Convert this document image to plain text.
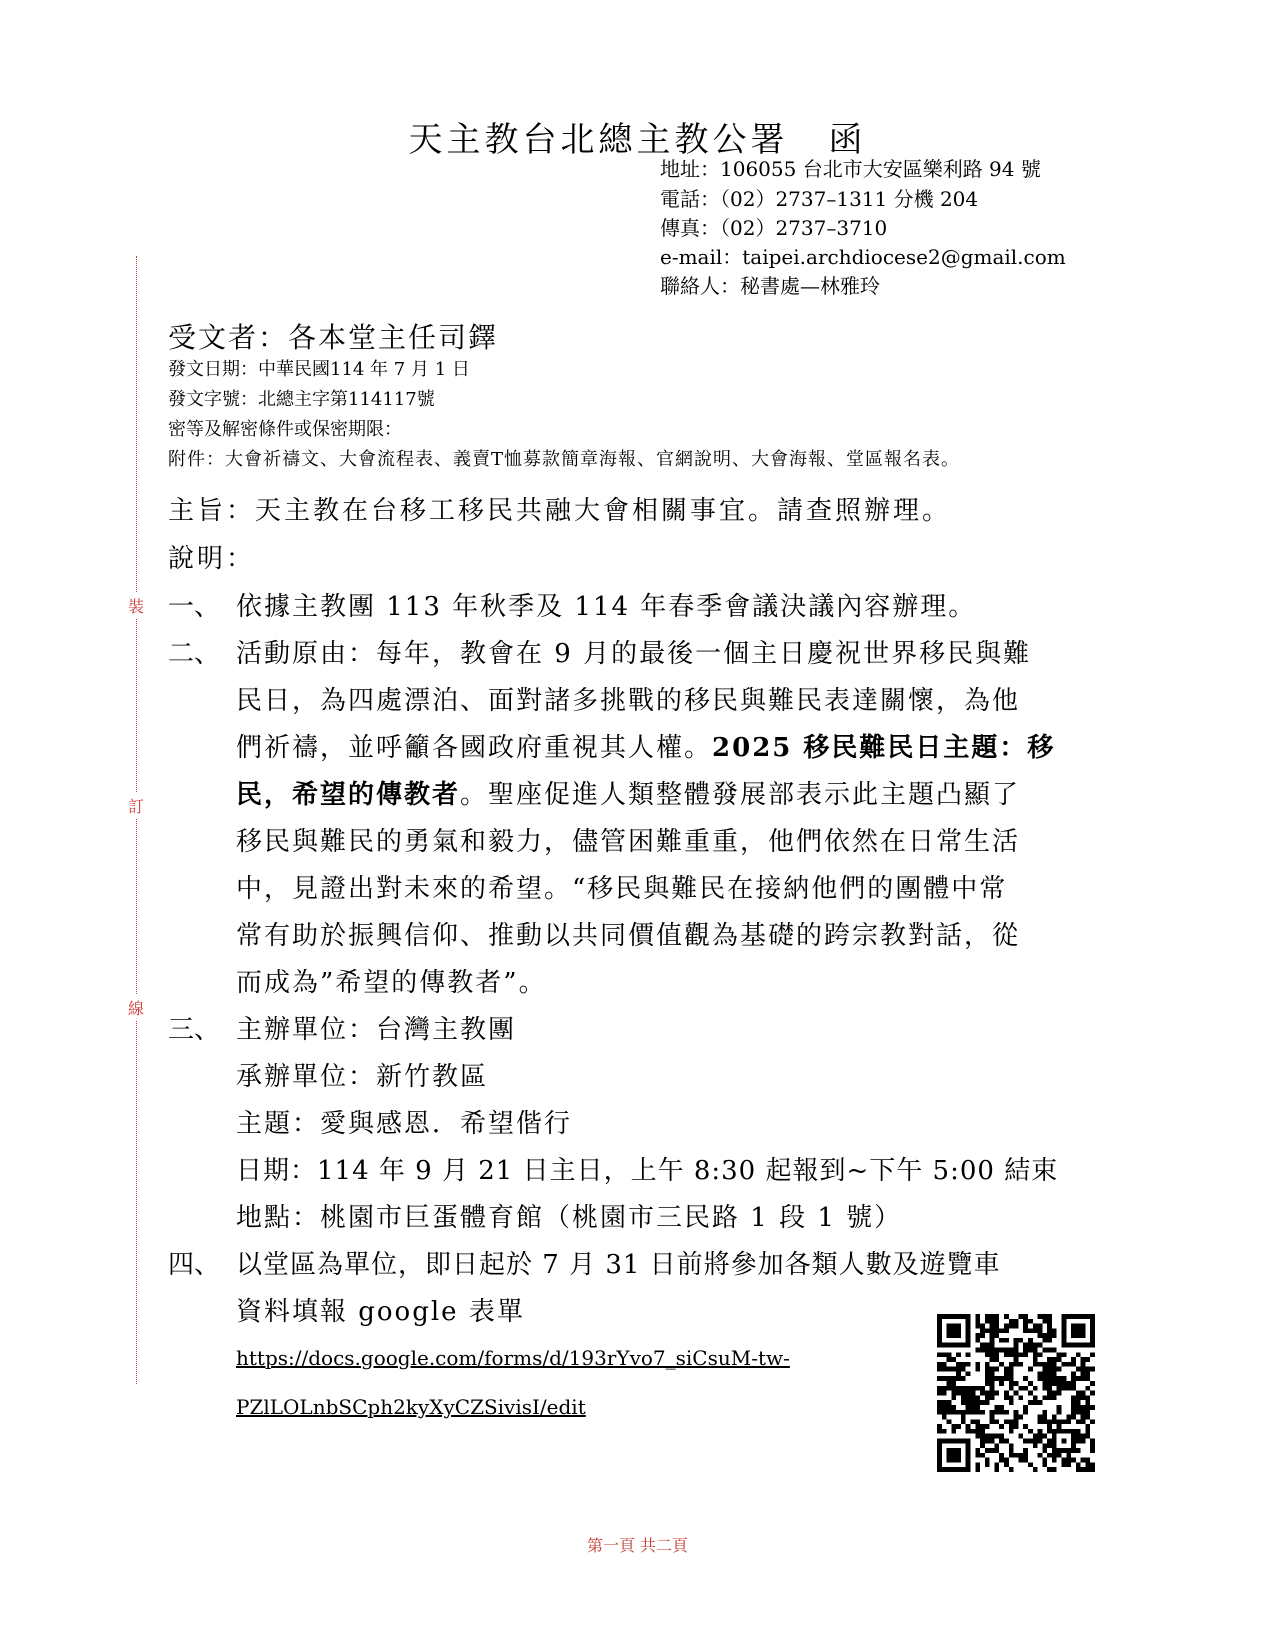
天主教台北總主教公署 函
地址：106055 台北市大安區樂利路 94 號
電話：（02）2737–1311 分機 204
傳真：（02）2737–3710
e-mail：taipei.archdiocese2@gmail.com
聯絡人：秘書處—林雅玲
裝
訂
線
受文者：各本堂主任司鐸
發文日期：中華民國114 年 7 月 1 日
發文字號：北總主字第114117號
密等及解密條件或保密期限：
附件：大會祈禱文、大會流程表、義賣T恤募款簡章海報、官網說明、大會海報、堂區報名表。
主旨：天主教在台移工移民共融大會相關事宜。請查照辦理。
說明：
一、 依據主教團 113 年秋季及 114 年春季會議決議內容辦理。
二、 活動原由：每年，教會在 9 月的最後一個主日慶祝世界移民與難
民日，為四處漂泊、面對諸多挑戰的移民與難民表達關懷，為他
們祈禱，並呼籲各國政府重視其人權。2025 移民難民日主題：移
民，希望的傳教者。聖座促進人類整體發展部表示此主題凸顯了
移民與難民的勇氣和毅力，儘管困難重重，他們依然在日常生活
中，見證出對未來的希望。“移民與難民在接納他們的團體中常
常有助於振興信仰、推動以共同價值觀為基礎的跨宗教對話，從
而成為”希望的傳教者”。
三、 主辦單位：台灣主教團
承辦單位：新竹教區
主題：愛與感恩．希望偕行
日期：114 年 9 月 21 日主日，上午 8:30 起報到~下午 5:00 結束
地點：桃園市巨蛋體育館（桃園市三民路 1 段 1 號）
四、 以堂區為單位，即日起於 7 月 31 日前將參加各類人數及遊覽車
資料填報 google 表單
https://docs.google.com/forms/d/193rYvo7_siCsuM-tw-
PZlLOLnbSCph2kyXyCZSivisI/edit
第一頁 共二頁
